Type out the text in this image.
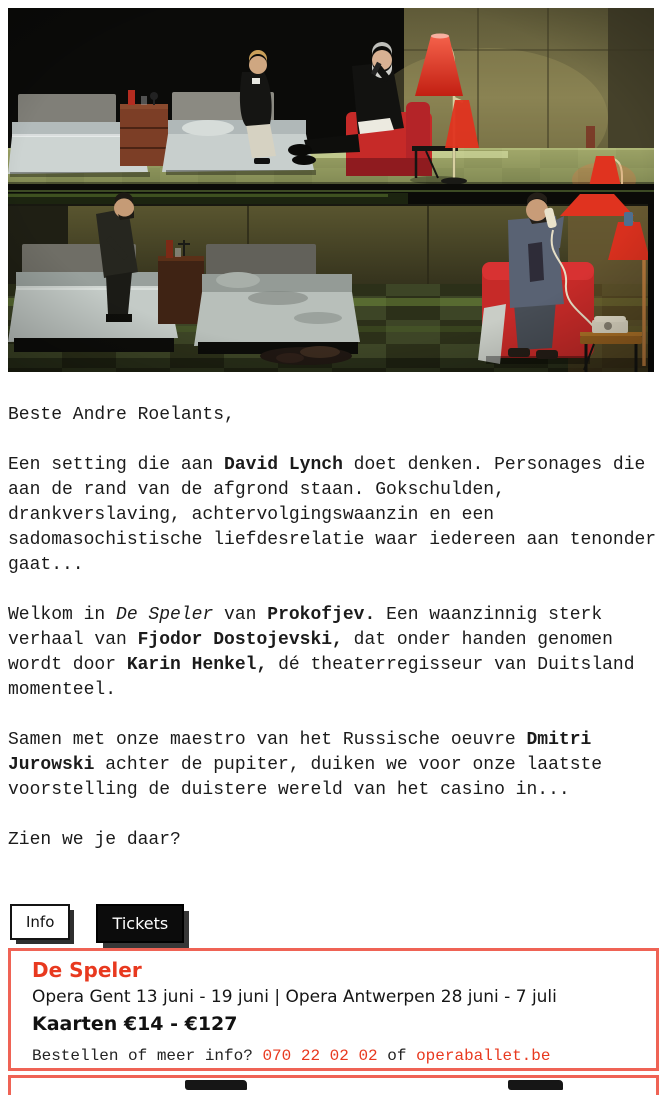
Beste Andre Roelants,

Een setting die aan David Lynch doet denken. Personages die aan de rand van de afgrond staan. Gokschulden, drankverslaving, achtervolgingswaanzin en een sadomasochistische liefdesrelatie waar iedereen aan tenonder gaat...

Welkom in De Speler van Prokofjev. Een waanzinnig sterk verhaal van Fjodor Dostojevski, dat onder handen genomen wordt door Karin Henkel, dé theaterregisseur van Duitsland momenteel.

Samen met onze maestro van het Russische oeuvre Dmitri Jurowski achter de pupiter, duiken we voor onze laatste voorstelling de duistere wereld van het casino in...

Zien we je daar?

Info	Tickets
De Speler
Opera Gent 13 juni - 19 juni | Opera Antwerpen 28 juni - 7 juli
Kaarten €14 - €127
Bestellen of meer info? 070 22 02 02 of operaballet.be
